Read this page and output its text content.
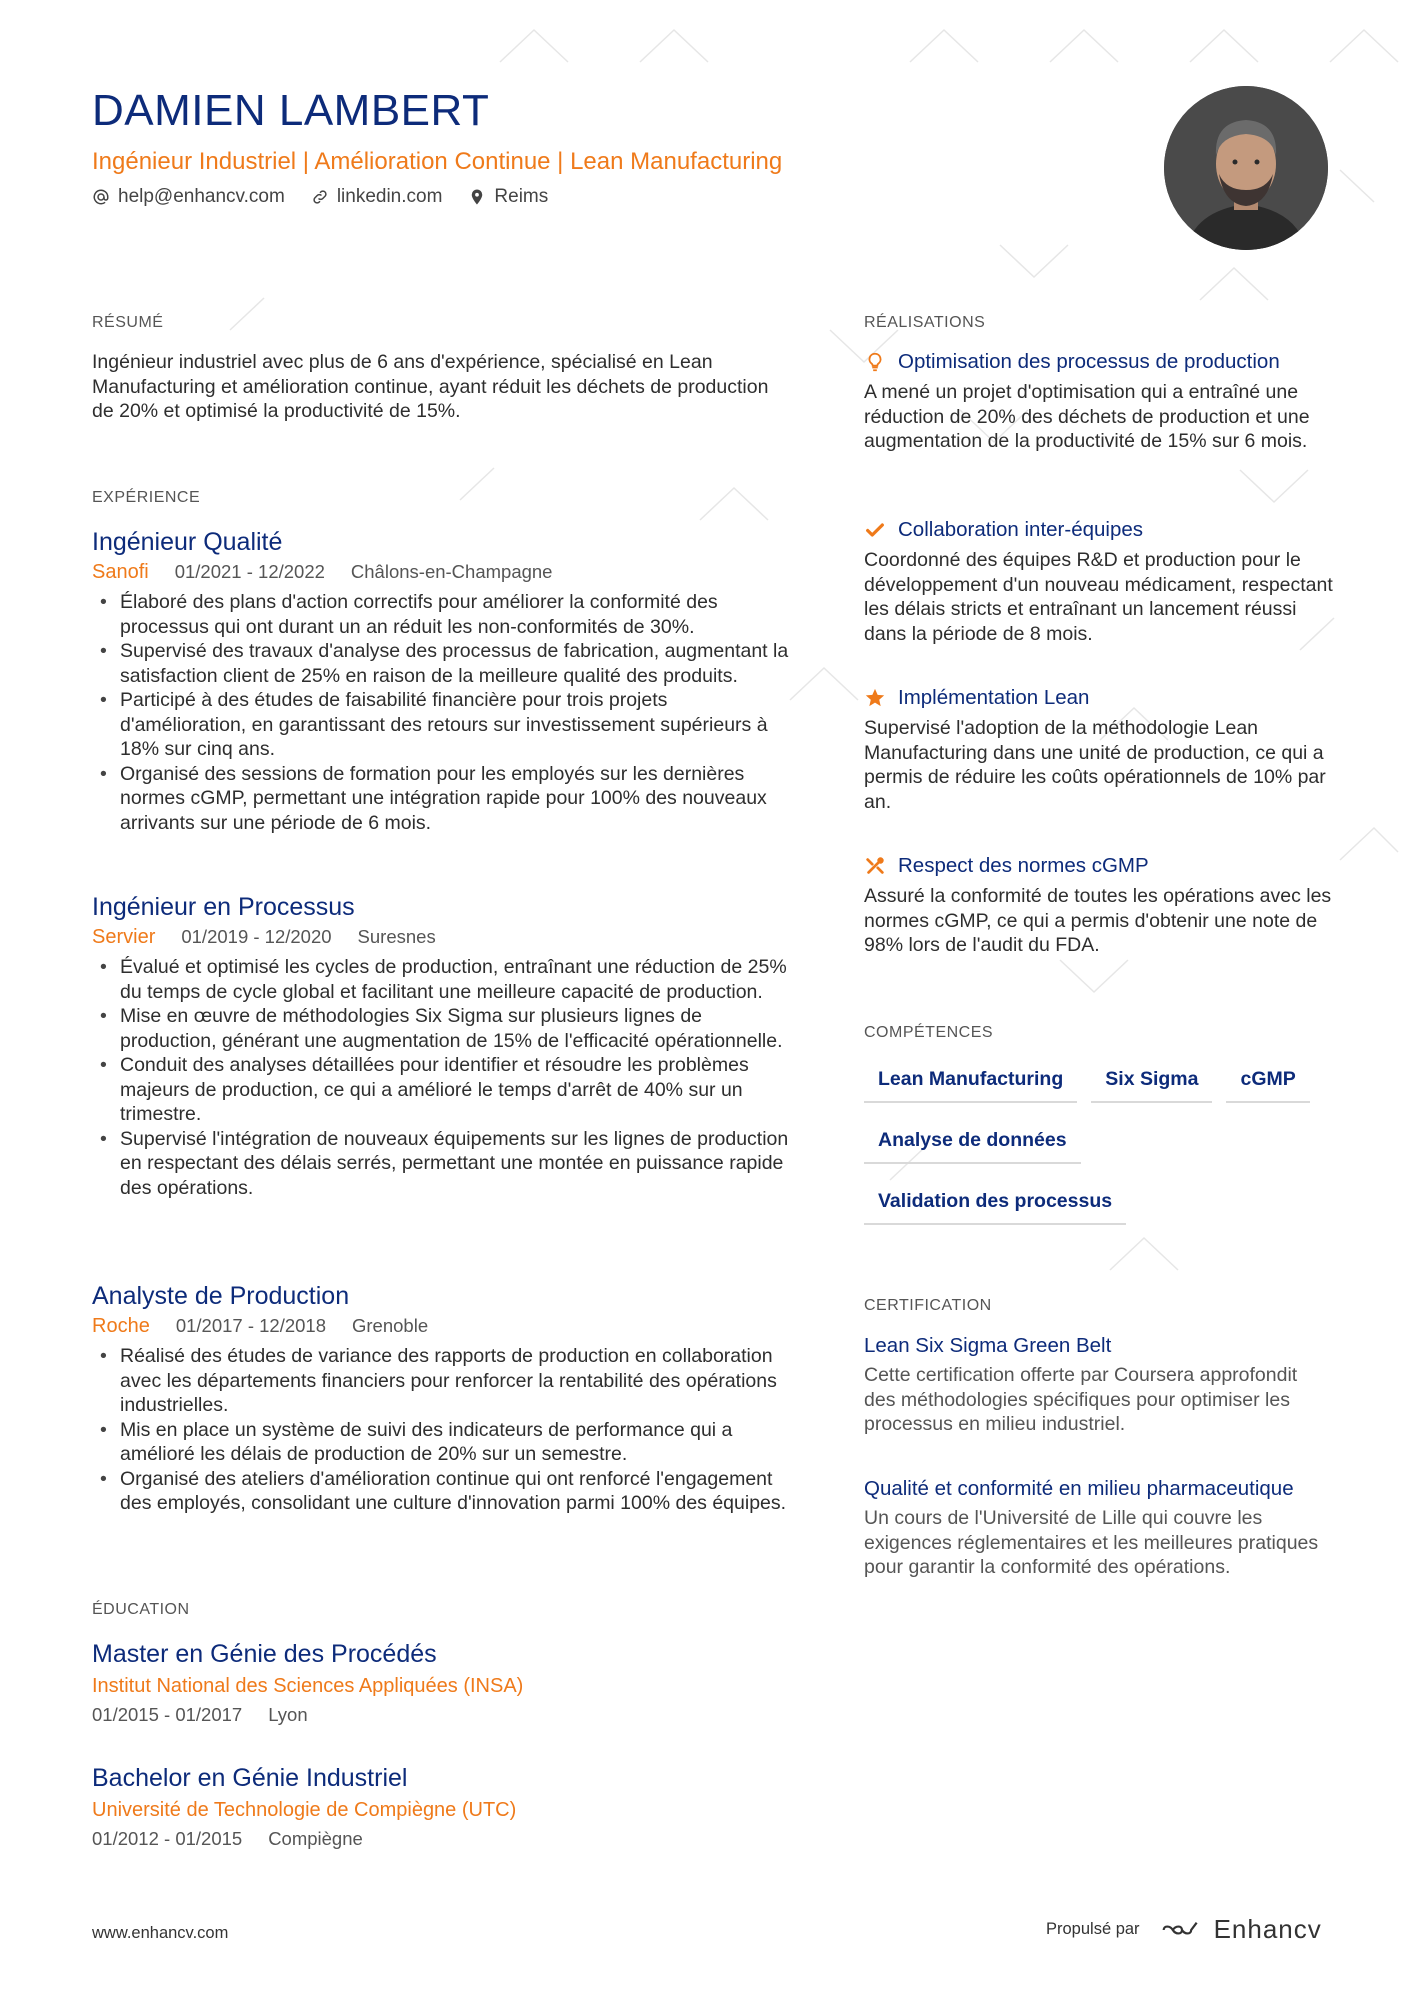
DAMIEN LAMBERT

Ingénieur Industriel | Amélioration Continue | Lean Manufacturing

help@enhancv.com	linkedin.com	Reims
RÉSUMÉ

Ingénieur industriel avec plus de 6 ans d'expérience, spécialisé en Lean Manufacturing et amélioration continue, ayant réduit les déchets de production de 20% et optimisé la productivité de 15%.

EXPÉRIENCE
Ingénieur Qualité
Sanofi 01/2021 - 12/2022 Châlons-en-Champagne
• Élaboré des plans d'action correctifs pour améliorer la conformité des processus qui ont durant un an réduit les non-conformités de 30%.
• Supervisé des travaux d'analyse des processus de fabrication, augmentant la satisfaction client de 25% en raison de la meilleure qualité des produits.
• Participé à des études de faisabilité financière pour trois projets d'amélioration, en garantissant des retours sur investissement supérieurs à 18% sur cinq ans.
• Organisé des sessions de formation pour les employés sur les dernières normes cGMP, permettant une intégration rapide pour 100% des nouveaux arrivants sur une période de 6 mois.
Ingénieur en Processus
Servier 01/2019 - 12/2020 Suresnes
• Évalué et optimisé les cycles de production, entraînant une réduction de 25% du temps de cycle global et facilitant une meilleure capacité de production.
• Mise en œuvre de méthodologies Six Sigma sur plusieurs lignes de production, générant une augmentation de 15% de l'efficacité opérationnelle.
• Conduit des analyses détaillées pour identifier et résoudre les problèmes majeurs de production, ce qui a amélioré le temps d'arrêt de 40% sur un trimestre.
• Supervisé l'intégration de nouveaux équipements sur les lignes de production en respectant des délais serrés, permettant une montée en puissance rapide des opérations.
Analyste de Production
Roche 01/2017 - 12/2018 Grenoble
• Réalisé des études de variance des rapports de production en collaboration avec les départements financiers pour renforcer la rentabilité des opérations industrielles.
• Mis en place un système de suivi des indicateurs de performance qui a amélioré les délais de production de 20% sur un semestre.
• Organisé des ateliers d'amélioration continue qui ont renforcé l'engagement des employés, consolidant une culture d'innovation parmi 100% des équipes.
ÉDUCATION
Master en Génie des Procédés
Institut National des Sciences Appliquées (INSA)
01/2015 - 01/2017 Lyon
Bachelor en Génie Industriel
Université de Technologie de Compiègne (UTC)
01/2012 - 01/2015 Compiègne
RÉALISATIONS
Optimisation des processus de production
A mené un projet d'optimisation qui a entraîné une réduction de 20% des déchets de production et une augmentation de la productivité de 15% sur 6 mois.
Collaboration inter-équipes
Coordonné des équipes R&D et production pour le développement d'un nouveau médicament, respectant les délais stricts et entraînant un lancement réussi dans la période de 8 mois.
Implémentation Lean
Supervisé l'adoption de la méthodologie Lean Manufacturing dans une unité de production, ce qui a permis de réduire les coûts opérationnels de 10% par an.
Respect des normes cGMP
Assuré la conformité de toutes les opérations avec les normes cGMP, ce qui a permis d'obtenir une note de 98% lors de l'audit du FDA.
COMPÉTENCES
Lean Manufacturing	Six Sigma	cGMP
Analyse de données
Validation des processus
CERTIFICATION
Lean Six Sigma Green Belt
Cette certification offerte par Coursera approfondit des méthodologies spécifiques pour optimiser les processus en milieu industriel.
Qualité et conformité en milieu pharmaceutique
Un cours de l'Université de Lille qui couvre les exigences réglementaires et les meilleures pratiques pour garantir la conformité des opérations.
www.enhancv.com	Propulsé par	Enhancv
